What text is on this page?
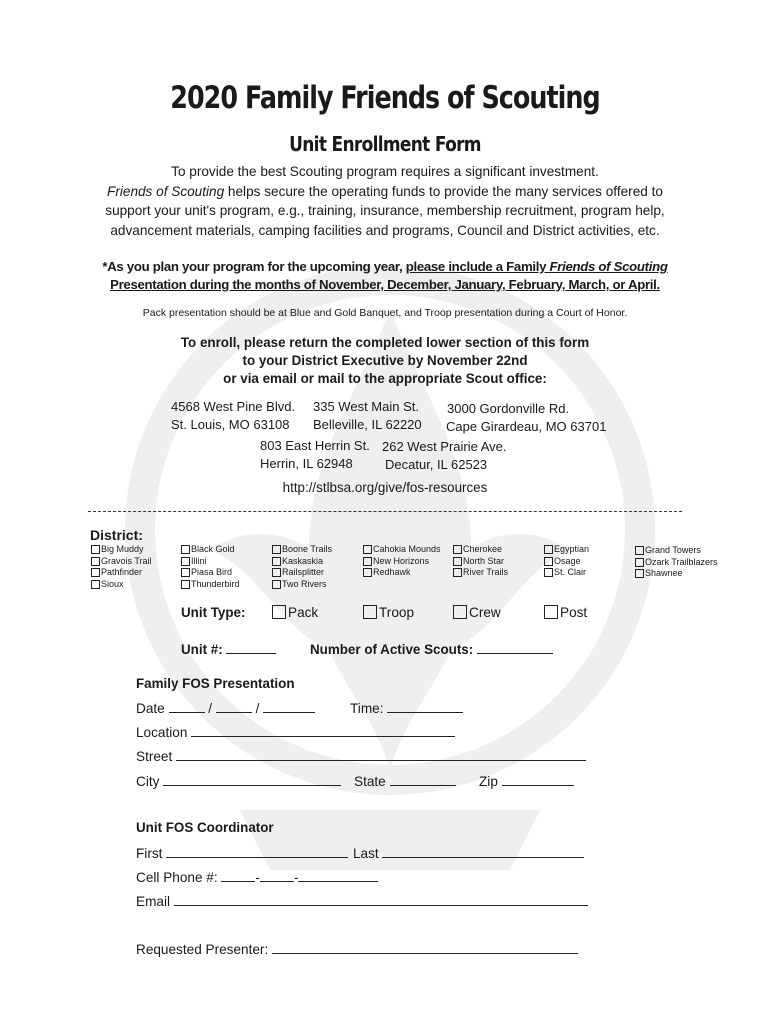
2020 Family Friends of Scouting
Unit Enrollment Form
To provide the best Scouting program requires a significant investment.
Friends of Scouting helps secure the operating funds to provide the many services offered to
support your unit's program, e.g., training, insurance, membership recruitment, program help,
advancement materials, camping facilities and programs, Council and District activities, etc.
*As you plan your program for the upcoming year, please include a Family Friends of Scouting
Presentation during the months of November, December, January, February, March, or April.
Pack presentation should be at Blue and Gold Banquet, and Troop presentation during a Court of Honor.
To enroll, please return the completed lower section of this form
to your District Executive by November 22nd
or via email or mail to the appropriate Scout office:
4568 West Pine Blvd.
St. Louis, MO 63108
335 West Main St.
Belleville, IL 62220
3000 Gordonville Rd.
Cape Girardeau, MO 63701
803 East Herrin St.
Herrin, IL 62948
262 West Prairie Ave.
Decatur, IL 62523
http://stlbsa.org/give/fos-resources
District:
Big Muddy
Gravois Trail
Pathfinder
Sioux
Black Gold
Illini
Piasa Bird
Thunderbird
Boone Trails
Kaskaskia
Railsplitter
Two Rivers
Cahokia Mounds
New Horizons
Redhawk
Cherokee
North Star
River Trails
Egyptian
Osage
St. Clair
Grand Towers
Ozark Trailblazers
Shawnee
Unit Type:	Pack	Troop	Crew	Post
Unit #:	Number of Active Scouts:
Family FOS Presentation
Date	/	/	Time:
Location
Street
City	State	Zip
Unit FOS Coordinator
First	Last
Cell Phone #:	-	-
Email
Requested Presenter:
